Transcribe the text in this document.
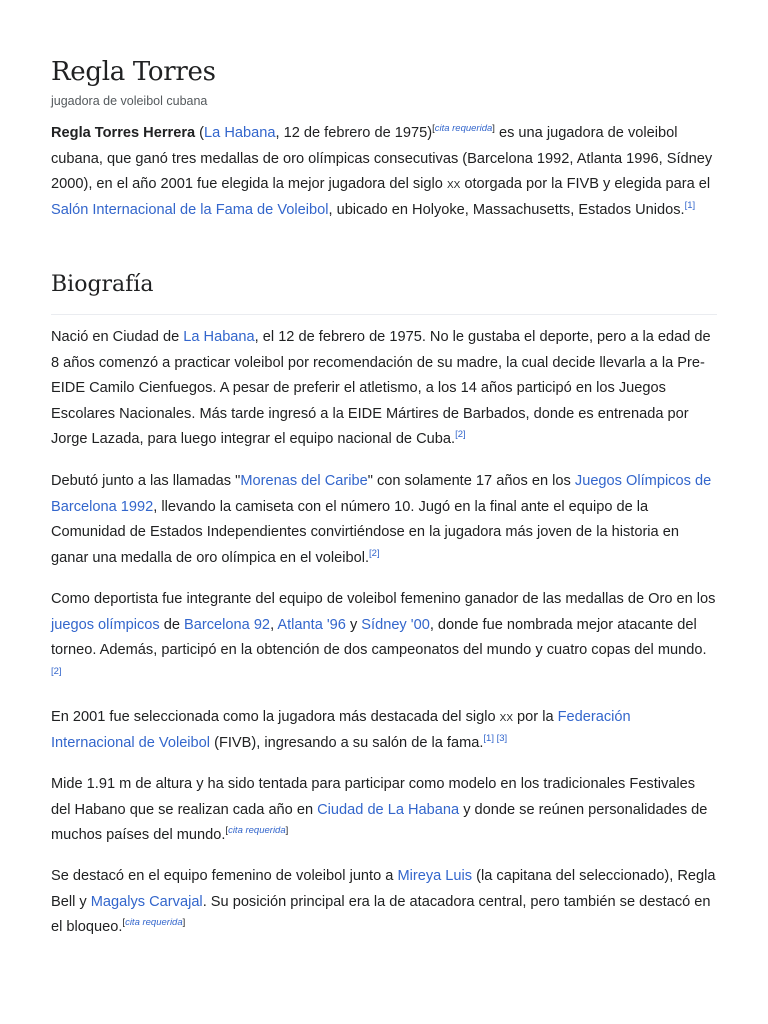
Regla Torres
jugadora de voleibol cubana

Regla Torres Herrera (La Habana, 12 de febrero de 1975)[cita requerida] es una jugadora de voleibol cubana, que ganó tres medallas de oro olímpicas consecutivas (Barcelona 1992, Atlanta 1996, Sídney 2000), en el año 2001 fue elegida la mejor jugadora del siglo xx otorgada por la FIVB y elegida para el Salón Internacional de la Fama de Voleibol, ubicado en Holyoke, Massachusetts, Estados Unidos.[1]

Biografía

Nació en Ciudad de La Habana, el 12 de febrero de 1975. No le gustaba el deporte, pero a la edad de 8 años comenzó a practicar voleibol por recomendación de su madre, la cual decide llevarla a la Pre-EIDE Camilo Cienfuegos. A pesar de preferir el atletismo, a los 14 años participó en los Juegos Escolares Nacionales. Más tarde ingresó a la EIDE Mártires de Barbados, donde es entrenada por Jorge Lazada, para luego integrar el equipo nacional de Cuba.[2]

Debutó junto a las llamadas "Morenas del Caribe" con solamente 17 años en los Juegos Olímpicos de Barcelona 1992, llevando la camiseta con el número 10. Jugó en la final ante el equipo de la Comunidad de Estados Independientes convirtiéndose en la jugadora más joven de la historia en ganar una medalla de oro olímpica en el voleibol.[2]

Como deportista fue integrante del equipo de voleibol femenino ganador de las medallas de Oro en los juegos olímpicos de Barcelona 92, Atlanta '96 y Sídney '00, donde fue nombrada mejor atacante del torneo. Además, participó en la obtención de dos campeonatos del mundo y cuatro copas del mundo.[2]

En 2001 fue seleccionada como la jugadora más destacada del siglo xx por la Federación Internacional de Voleibol (FIVB), ingresando a su salón de la fama.[1] [3]

Mide 1.91 m de altura y ha sido tentada para participar como modelo en los tradicionales Festivales del Habano que se realizan cada año en Ciudad de La Habana y donde se reúnen personalidades de muchos países del mundo.[cita requerida]

Se destacó en el equipo femenino de voleibol junto a Mireya Luis (la capitana del seleccionado), Regla Bell y Magalys Carvajal. Su posición principal era la de atacadora central, pero también se destacó en el bloqueo.[cita requerida]
